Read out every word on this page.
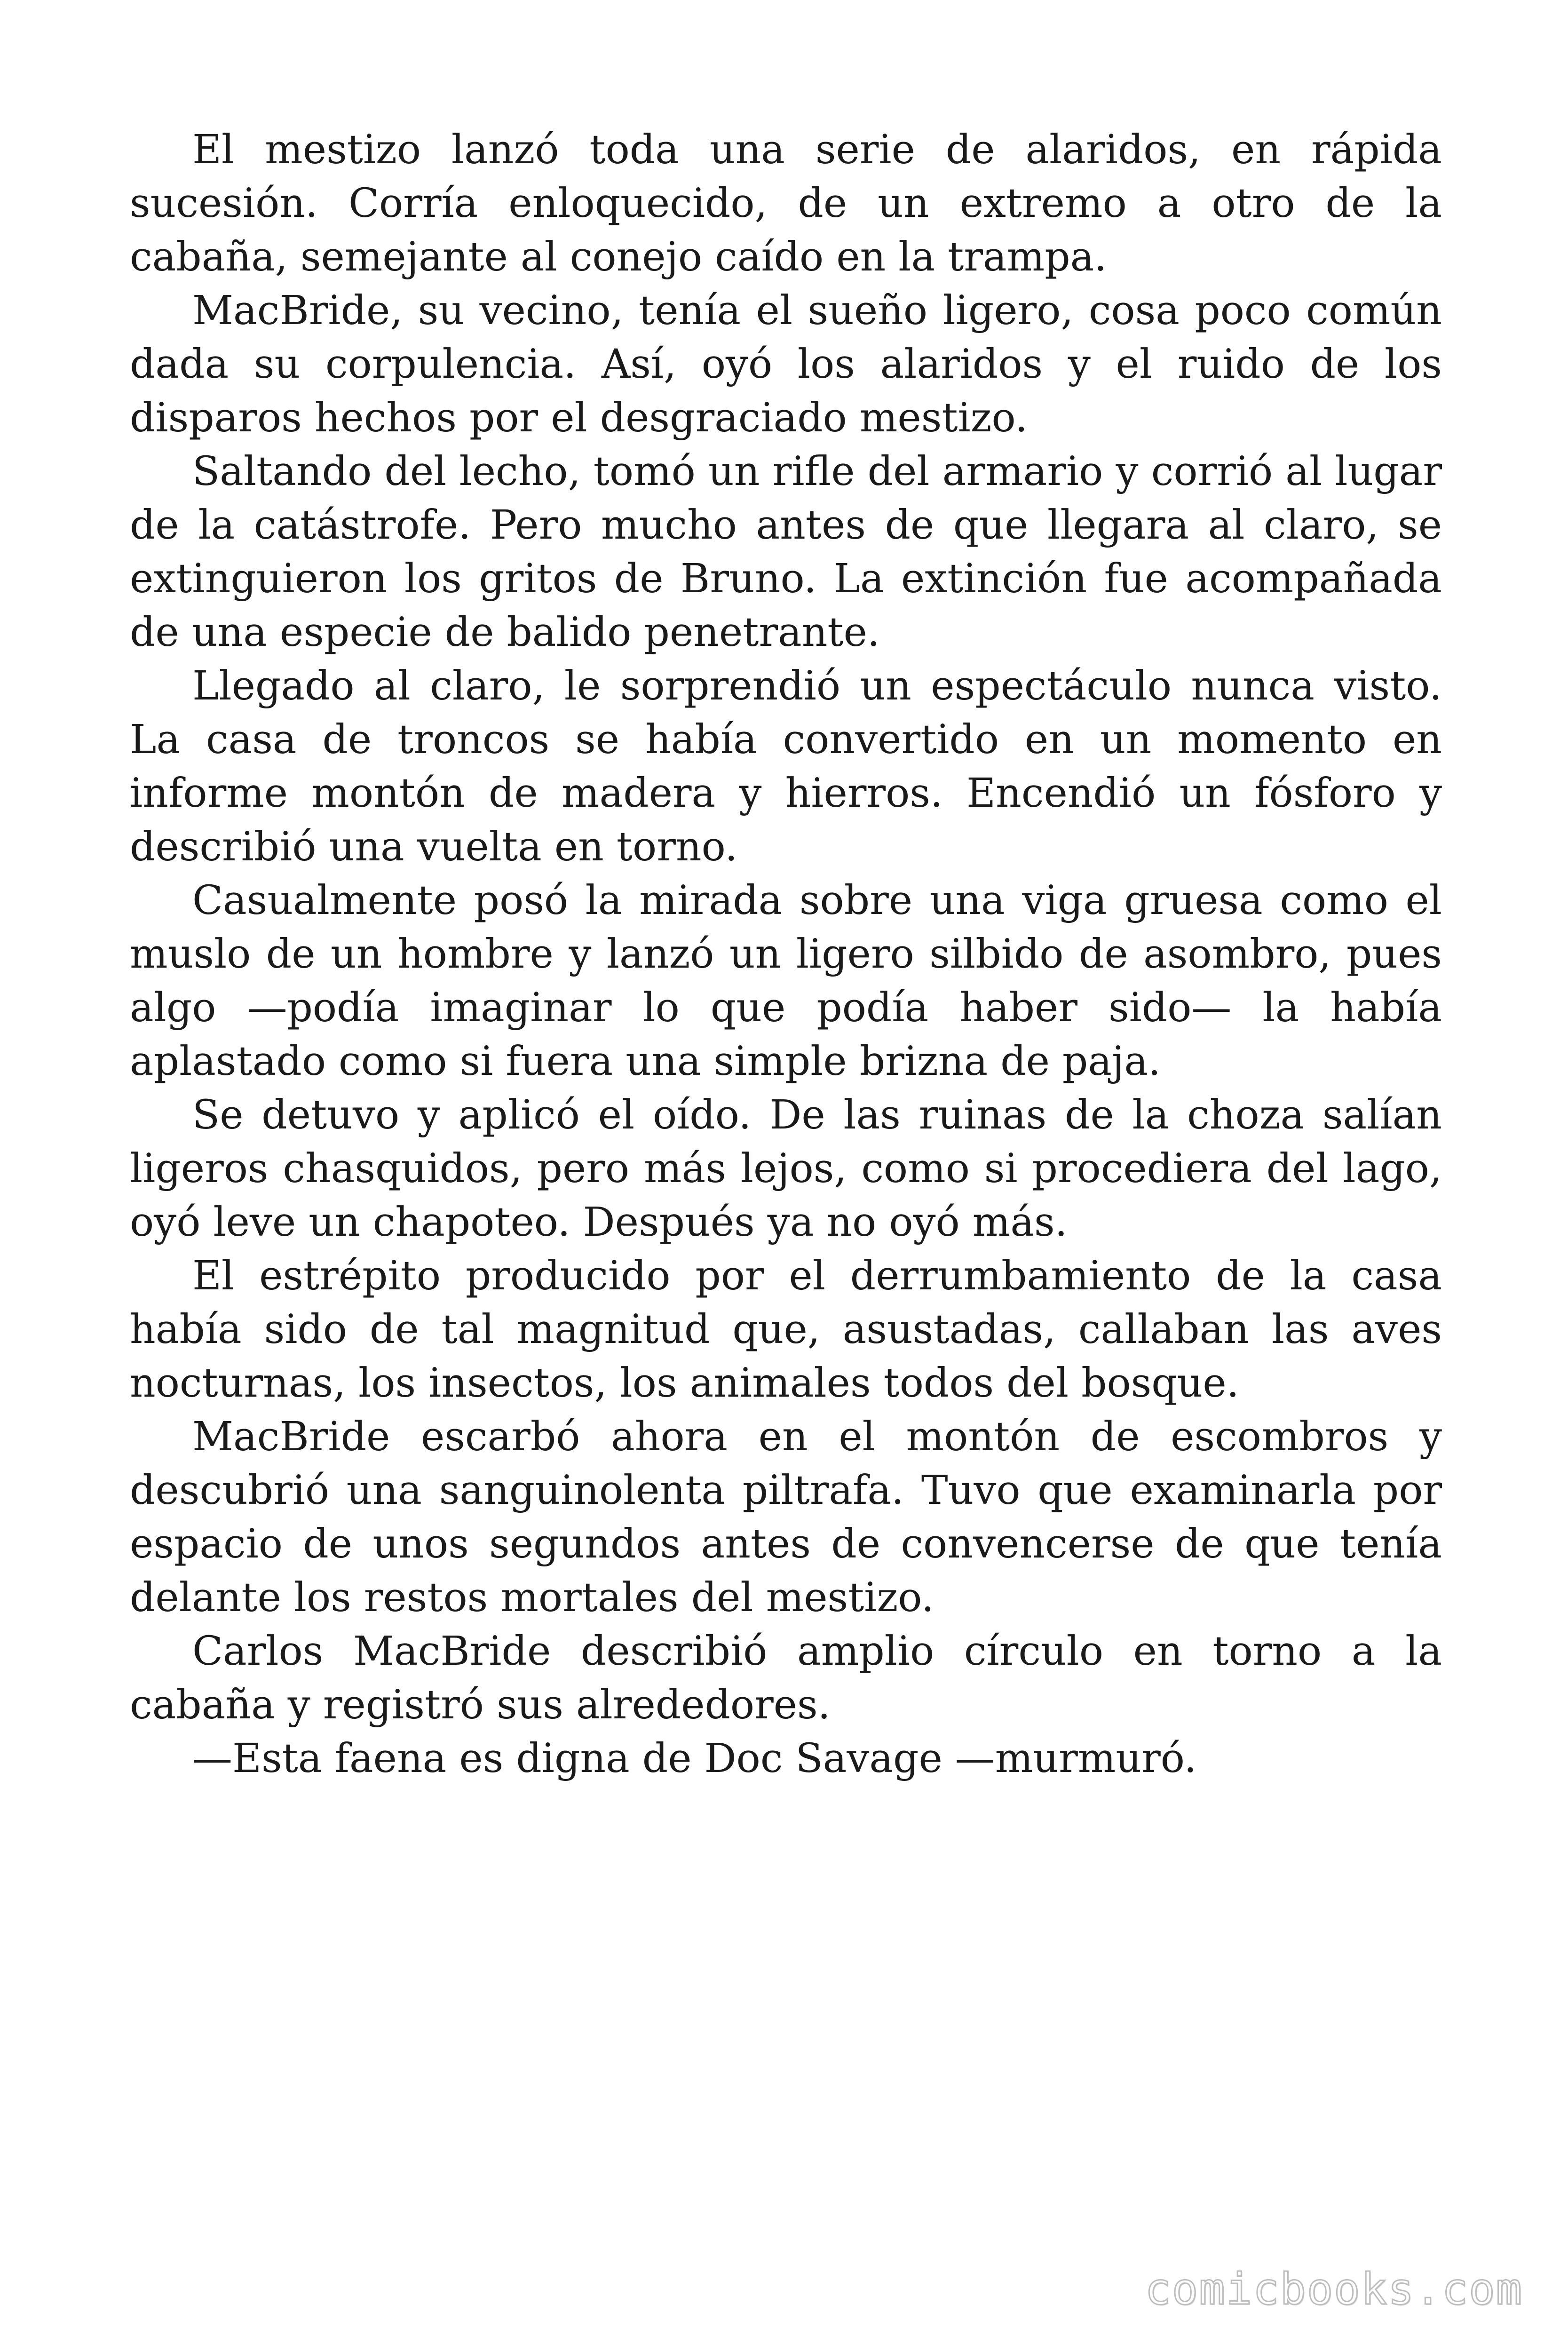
El mestizo lanzó toda una serie de alaridos, en rápida sucesión. Corría enloquecido, de un extremo a otro de la cabaña, semejante al conejo caído en la trampa.

MacBride, su vecino, tenía el sueño ligero, cosa poco común dada su corpulencia. Así, oyó los alaridos y el ruido de los disparos hechos por el desgraciado mestizo.

Saltando del lecho, tomó un rifle del armario y corrió al lugar de la catástrofe. Pero mucho antes de que llegara al claro, se extinguieron los gritos de Bruno. La extinción fue acompañada de una especie de balido penetrante.

Llegado al claro, le sorprendió un espectáculo nunca visto. La casa de troncos se había convertido en un momento en informe montón de madera y hierros. Encendió un fósforo y describió una vuelta en torno.

Casualmente posó la mirada sobre una viga gruesa como el muslo de un hombre y lanzó un ligero silbido de asombro, pues algo —podía imaginar lo que podía haber sido— la había aplastado como si fuera una simple brizna de paja.

Se detuvo y aplicó el oído. De las ruinas de la choza salían ligeros chasquidos, pero más lejos, como si procediera del lago, oyó leve un chapoteo. Después ya no oyó más.

El estrépito producido por el derrumbamiento de la casa había sido de tal magnitud que, asustadas, callaban las aves nocturnas, los insectos, los animales todos del bosque.

MacBride escarbó ahora en el montón de escombros y descubrió una sanguinolenta piltrafa. Tuvo que examinarla por espacio de unos segundos antes de convencerse de que tenía delante los restos mortales del mestizo.

Carlos MacBride describió amplio círculo en torno a la cabaña y registró sus alrededores.

—Esta faena es digna de Doc Savage —murmuró.

comicbooks.com
